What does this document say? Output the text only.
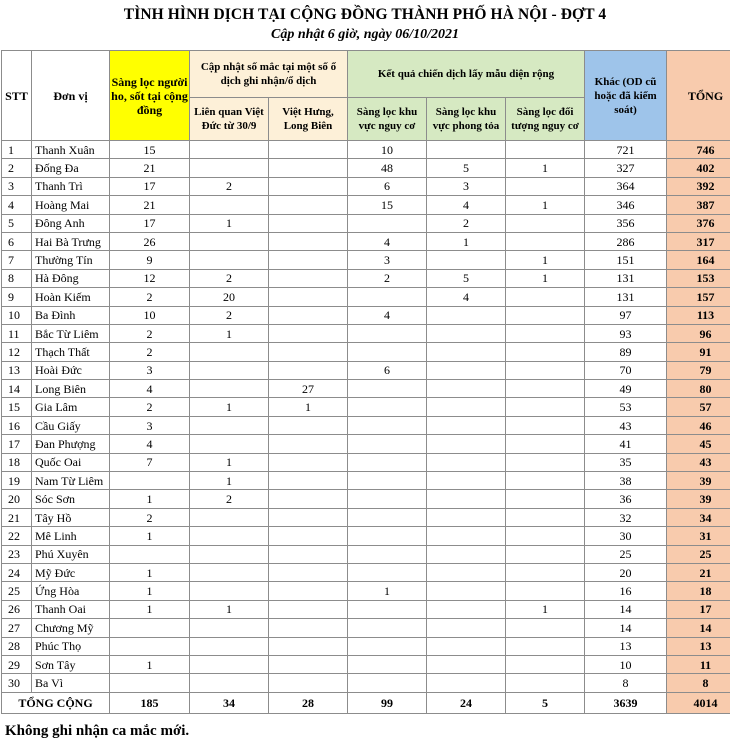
TÌNH HÌNH DỊCH TẠI CỘNG ĐỒNG THÀNH PHỐ HÀ NỘI - ĐỢT 4
Cập nhật 6 giờ, ngày 06/10/2021
STT	Đơn vị	Sàng lọc người ho, sốt tại cộng đồng	Cập nhật số mắc tại một số ổ dịch ghi nhận/ổ dịch		Kết quả chiến dịch lấy mẫu diện rộng			Khác (OD cũ hoặc đã kiểm soát)	TỔNG
			Liên quan Việt Đức từ 30/9	Việt Hưng, Long Biên	Sàng lọc khu vực nguy cơ	Sàng lọc khu vực phong tỏa	Sàng lọc đối tượng nguy cơ		
1	Thanh Xuân	15			10			721	746
2	Đống Đa	21			48	5	1	327	402
3	Thanh Trì	17	2		6	3		364	392
4	Hoàng Mai	21			15	4	1	346	387
5	Đông Anh	17	1			2		356	376
6	Hai Bà Trưng	26			4	1		286	317
7	Thường Tín	9			3		1	151	164
8	Hà Đông	12	2		2	5	1	131	153
9	Hoàn Kiếm	2	20			4		131	157
10	Ba Đình	10	2		4			97	113
11	Bắc Từ Liêm	2	1					93	96
12	Thạch Thất	2						89	91
13	Hoài Đức	3			6			70	79
14	Long Biên	4		27				49	80
15	Gia Lâm	2	1	1				53	57
16	Cầu Giấy	3						43	46
17	Đan Phượng	4						41	45
18	Quốc Oai	7	1					35	43
19	Nam Từ Liêm		1					38	39
20	Sóc Sơn	1	2					36	39
21	Tây Hồ	2						32	34
22	Mê Linh	1						30	31
23	Phú Xuyên							25	25
24	Mỹ Đức	1						20	21
25	Ứng Hòa	1			1			16	18
26	Thanh Oai	1	1				1	14	17
27	Chương Mỹ							14	14
28	Phúc Thọ							13	13
29	Sơn Tây	1						10	11
30	Ba Vì							8	8
TỔNG CỘNG		185	34	28	99	24	5	3639	4014
Không ghi nhận ca mắc mới.
